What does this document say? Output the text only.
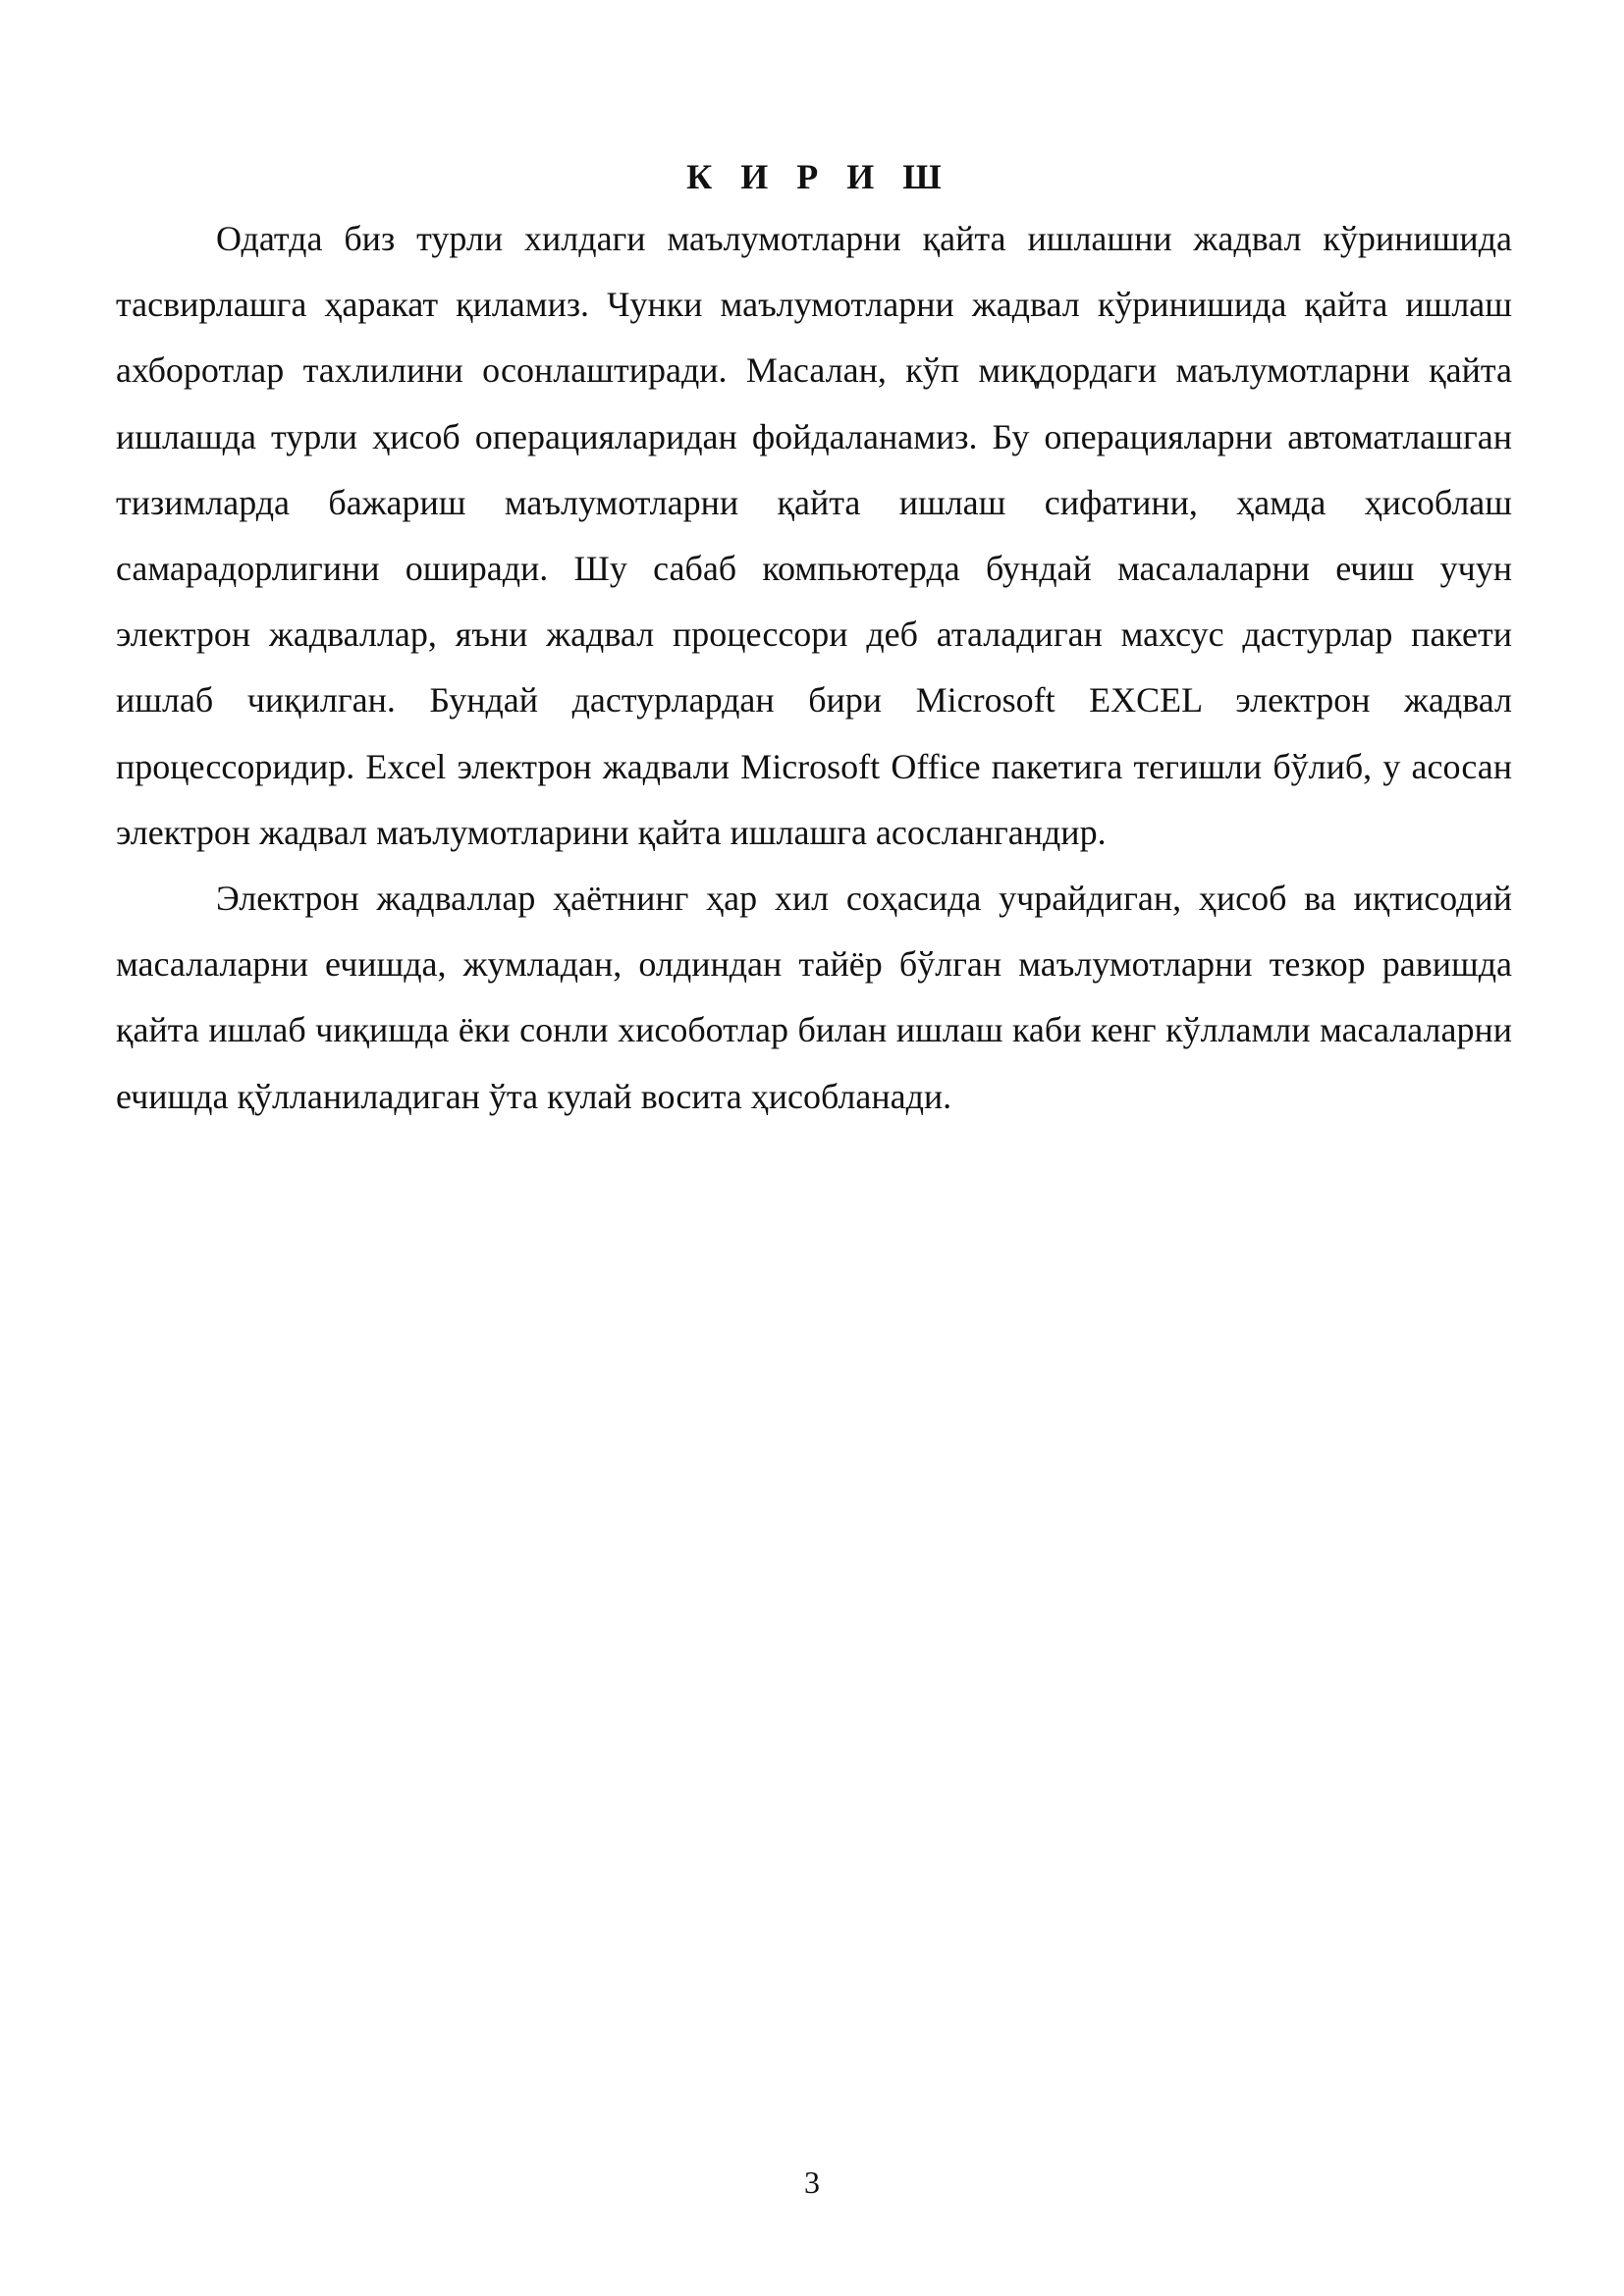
К И Р И Ш

Одатда биз турли хилдаги маълумотларни қайта ишлашни жадвал кўринишида тасвирлашга ҳаракат қиламиз. Чунки маълумотларни жадвал кўринишида қайта ишлаш ахборотлар тахлилини осонлаштиради. Масалан, кўп миқдордаги маълумотларни қайта ишлашда турли ҳисоб операцияларидан фойдаланамиз. Бу операцияларни автоматлашган тизимларда бажариш маълумотларни қайта ишлаш сифатини, ҳамда ҳисоблаш самарадорлигини оширади. Шу сабаб компьютерда бундай масалаларни ечиш учун электрон жадваллар, яъни жадвал процессори деб аталадиган махсус дастурлар пакети ишлаб чиқилган. Бундай дастурлардан бири Microsoft EXCEL электрон жадвал процессоридир. Excel электрон жадвали Microsoft Office пакетига тегишли бўлиб, у асосан электрон жадвал маълумотларини қайта ишлашга асослангандир.

Электрон жадваллар ҳаётнинг ҳар хил соҳасида учрайдиган, ҳисоб ва иқтисодий масалаларни ечишда, жумладан, олдиндан тайёр бўлган маълумотларни тезкор равишда қайта ишлаб чиқишда ёки сонли хисоботлар билан ишлаш каби кенг кўлламли масалаларни ечишда қўлланиладиган ўта кулай восита ҳисобланади.

3
